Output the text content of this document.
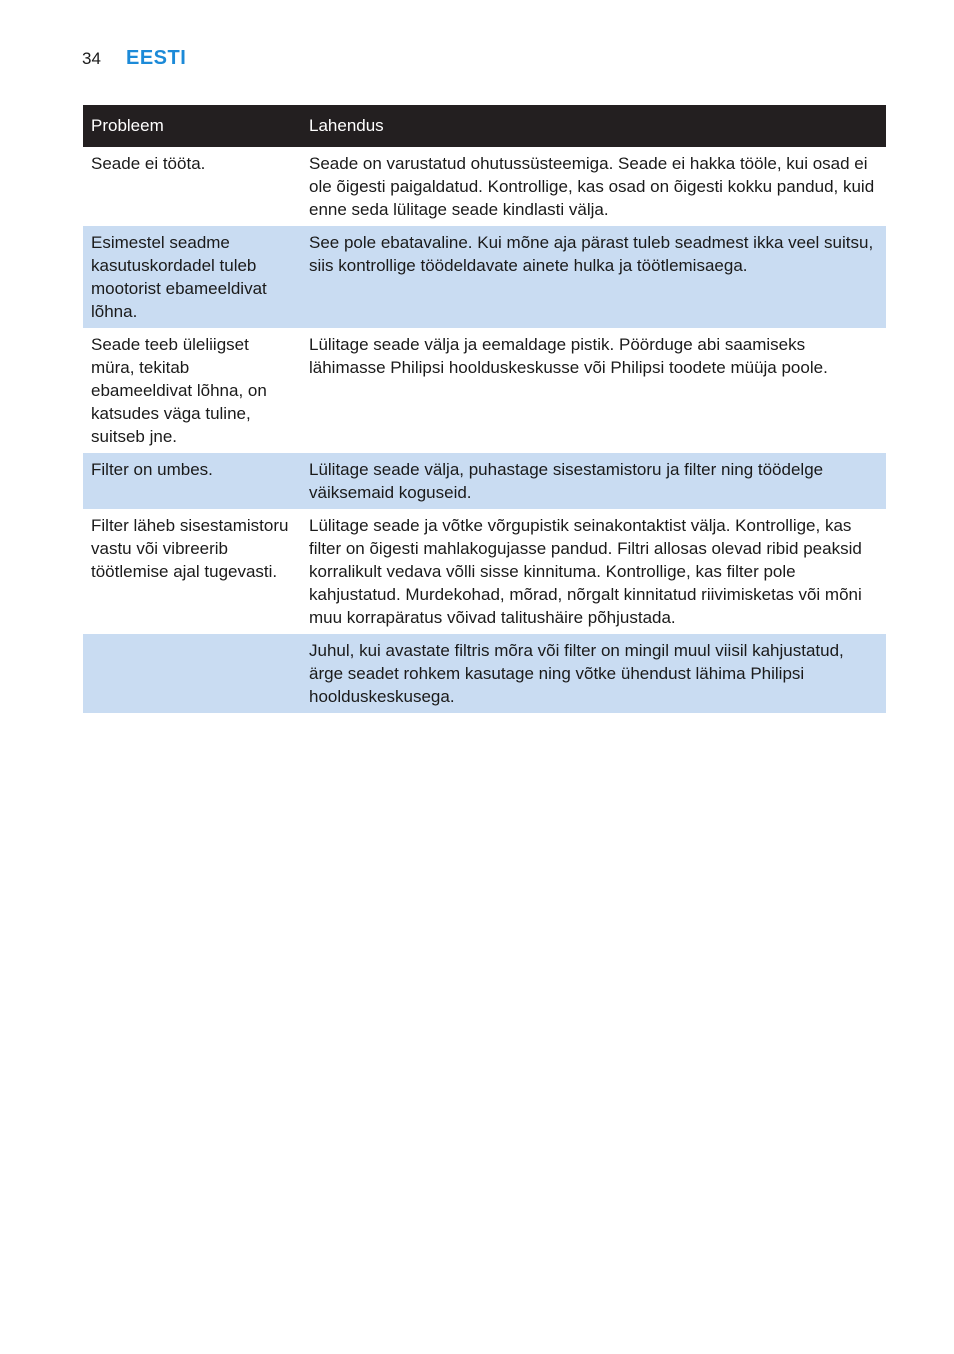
34	EESTI
Probleem	Lahendus
Seade ei tööta.	Seade on varustatud ohutussüsteemiga. Seade ei hakka tööle, kui osad ei ole õigesti paigaldatud. Kontrollige, kas osad on õigesti kokku pandud, kuid enne seda lülitage seade kindlasti välja.
Esimestel seadme kasutuskordadel tuleb mootorist ebameeldivat lõhna.	See pole ebatavaline. Kui mõne aja pärast tuleb seadmest ikka veel suitsu, siis kontrollige töödeldavate ainete hulka ja töötlemisaega.
Seade teeb üleliigset müra, tekitab ebameeldivat lõhna, on katsudes väga tuline, suitseb jne.	Lülitage seade välja ja eemaldage pistik. Pöörduge abi saamiseks lähimasse Philipsi hoolduskeskusse või Philipsi toodete müüja poole.
Filter on umbes.	Lülitage seade välja, puhastage sisestamistoru ja filter ning töödelge väiksemaid koguseid.
Filter läheb sisestamistoru vastu või vibreerib töötlemise ajal tugevasti.	Lülitage seade ja võtke võrgupistik seinakontaktist välja. Kontrollige, kas filter on õigesti mahlakogujasse pandud. Filtri allosas olevad ribid peaksid korralikult vedava võlli sisse kinnituma. Kontrollige, kas filter pole kahjustatud. Murdekohad, mõrad, nõrgalt kinnitatud riivimisketas või mõni muu korrapäratus võivad talitushäire põhjustada.
	Juhul, kui avastate filtris mõra või filter on mingil muul viisil kahjustatud, ärge seadet rohkem kasutage ning võtke ühendust lähima Philipsi hoolduskeskusega.
